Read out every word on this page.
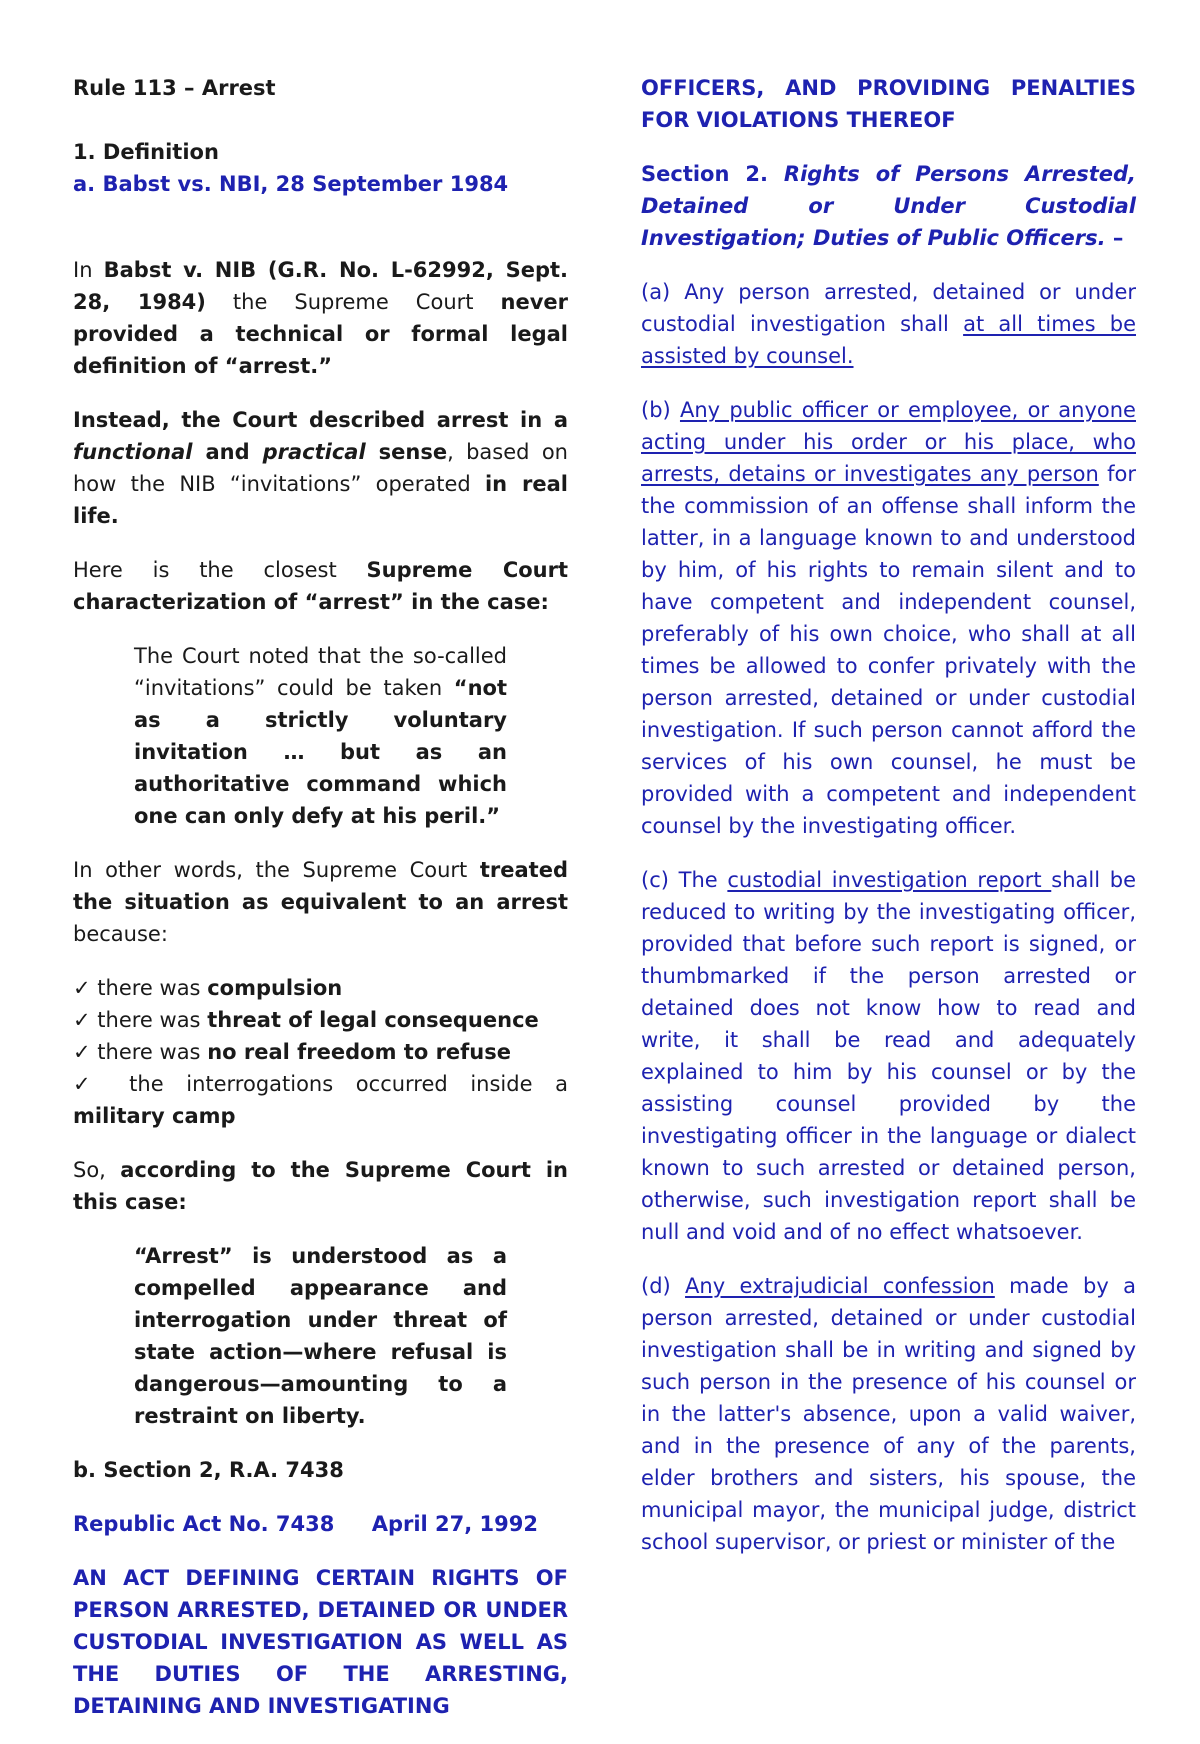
Rule 113 – Arrest

1. Definition

a. Babst vs. NBI, 28 September 1984

In Babst v. NIB (G.R. No. L-62992, Sept. 28, 1984) the Supreme Court never provided a technical or formal legal definition of “arrest.”

Instead, the Court described arrest in a functional and practical sense, based on how the NIB “invitations” operated in real life.

Here is the closest Supreme Court characterization of “arrest” in the case:

The Court noted that the so-called “invitations” could be taken “not as a strictly voluntary invitation … but as an authoritative command which one can only defy at his peril.”

In other words, the Supreme Court treated the situation as equivalent to an arrest because:

✓ there was compulsion

✓ there was threat of legal consequence

✓ there was no real freedom to refuse

✓ the interrogations occurred inside a military camp

So, according to the Supreme Court in this case:

“Arrest” is understood as a compelled appearance and interrogation under threat of state action—where refusal is dangerous—amounting to a restraint on liberty.

b. Section 2, R.A. 7438

Republic Act No. 7438 April 27, 1992

AN ACT DEFINING CERTAIN RIGHTS OF PERSON ARRESTED, DETAINED OR UNDER CUSTODIAL INVESTIGATION AS WELL AS THE DUTIES OF THE ARRESTING, DETAINING AND INVESTIGATING

OFFICERS, AND PROVIDING PENALTIES FOR VIOLATIONS THEREOF

Section 2. Rights of Persons Arrested, Detained or Under Custodial Investigation; Duties of Public Officers. –

(a) Any person arrested, detained or under custodial investigation shall at all times be assisted by counsel.

(b) Any public officer or employee, or anyone acting under his order or his place, who arrests, detains or investigates any person for the commission of an offense shall inform the latter, in a language known to and understood by him, of his rights to remain silent and to have competent and independent counsel, preferably of his own choice, who shall at all times be allowed to confer privately with the person arrested, detained or under custodial investigation. If such person cannot afford the services of his own counsel, he must be provided with a competent and independent counsel by the investigating officer.

(c) The custodial investigation report shall be reduced to writing by the investigating officer, provided that before such report is signed, or thumbmarked if the person arrested or detained does not know how to read and write, it shall be read and adequately explained to him by his counsel or by the assisting counsel provided by the investigating officer in the language or dialect known to such arrested or detained person, otherwise, such investigation report shall be null and void and of no effect whatsoever.

(d) Any extrajudicial confession made by a person arrested, detained or under custodial investigation shall be in writing and signed by such person in the presence of his counsel or in the latter's absence, upon a valid waiver, and in the presence of any of the parents, elder brothers and sisters, his spouse, the municipal mayor, the municipal judge, district school supervisor, or priest or minister of the
